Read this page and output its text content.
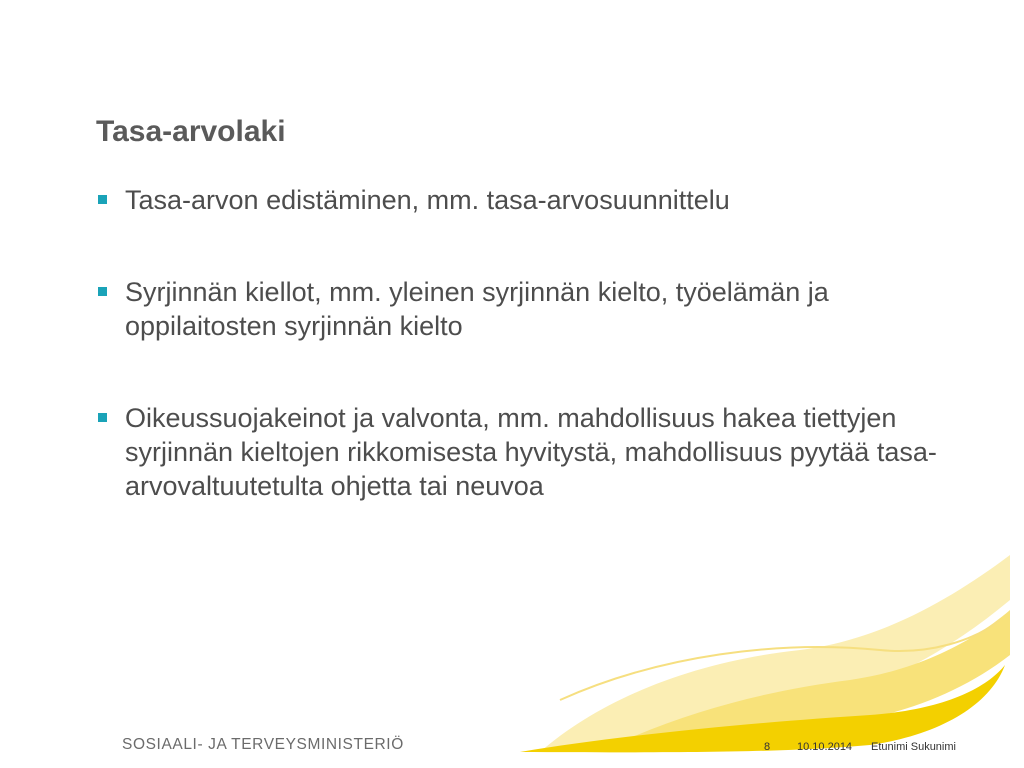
Tasa-arvolaki
Tasa-arvon edistäminen, mm. tasa-arvosuunnittelu
Syrjinnän kiellot, mm. yleinen syrjinnän kielto, työelämän ja oppilaitosten syrjinnän kielto
Oikeussuojakeinot ja valvonta, mm. mahdollisuus hakea tiettyjen syrjinnän kieltojen rikkomisesta hyvitystä, mahdollisuus pyytää tasa-arvovaltuutetulta ohjetta tai neuvoa
SOSIAALI- JA TERVEYSMINISTERIÖ	8 10.10.2014 Etunimi Sukunimi
